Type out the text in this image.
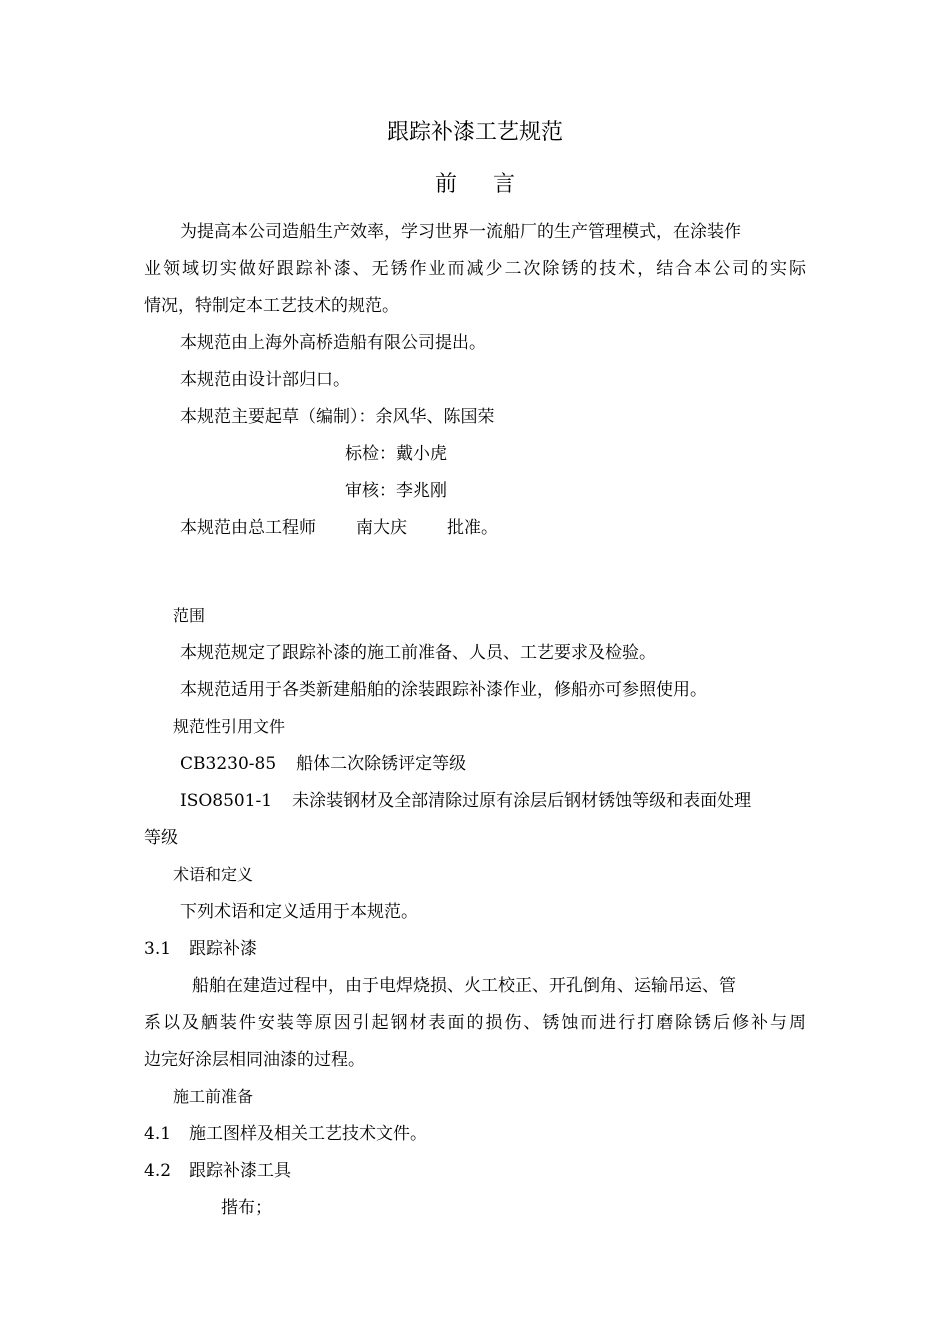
跟踪补漆工艺规范
前言
为提高本公司造船生产效率，学习世界一流船厂的生产管理模式，在涂装作
业领域切实做好跟踪补漆、无锈作业而减少二次除锈的技术，结合本公司的实际
情况，特制定本工艺技术的规范。
本规范由上海外高桥造船有限公司提出。
本规范由设计部归口。
本规范主要起草（编制）：余风华、陈国荣
标检：戴小虎
审核：李兆刚
本规范由总工程师 南大庆 批准。
范围
本规范规定了跟踪补漆的施工前准备、人员、工艺要求及检验。
本规范适用于各类新建船舶的涂装跟踪补漆作业，修船亦可参照使用。
规范性引用文件
CB3230-85 船体二次除锈评定等级
ISO8501-1 未涂装钢材及全部清除过原有涂层后钢材锈蚀等级和表面处理
等级
术语和定义
下列术语和定义适用于本规范。
3.1 跟踪补漆
船舶在建造过程中，由于电焊烧损、火工校正、开孔倒角、运输吊运、管
系以及舾装件安装等原因引起钢材表面的损伤、锈蚀而进行打磨除锈后修补与周
边完好涂层相同油漆的过程。
施工前准备
4.1 施工图样及相关工艺技术文件。
4.2 跟踪补漆工具
揩布；
